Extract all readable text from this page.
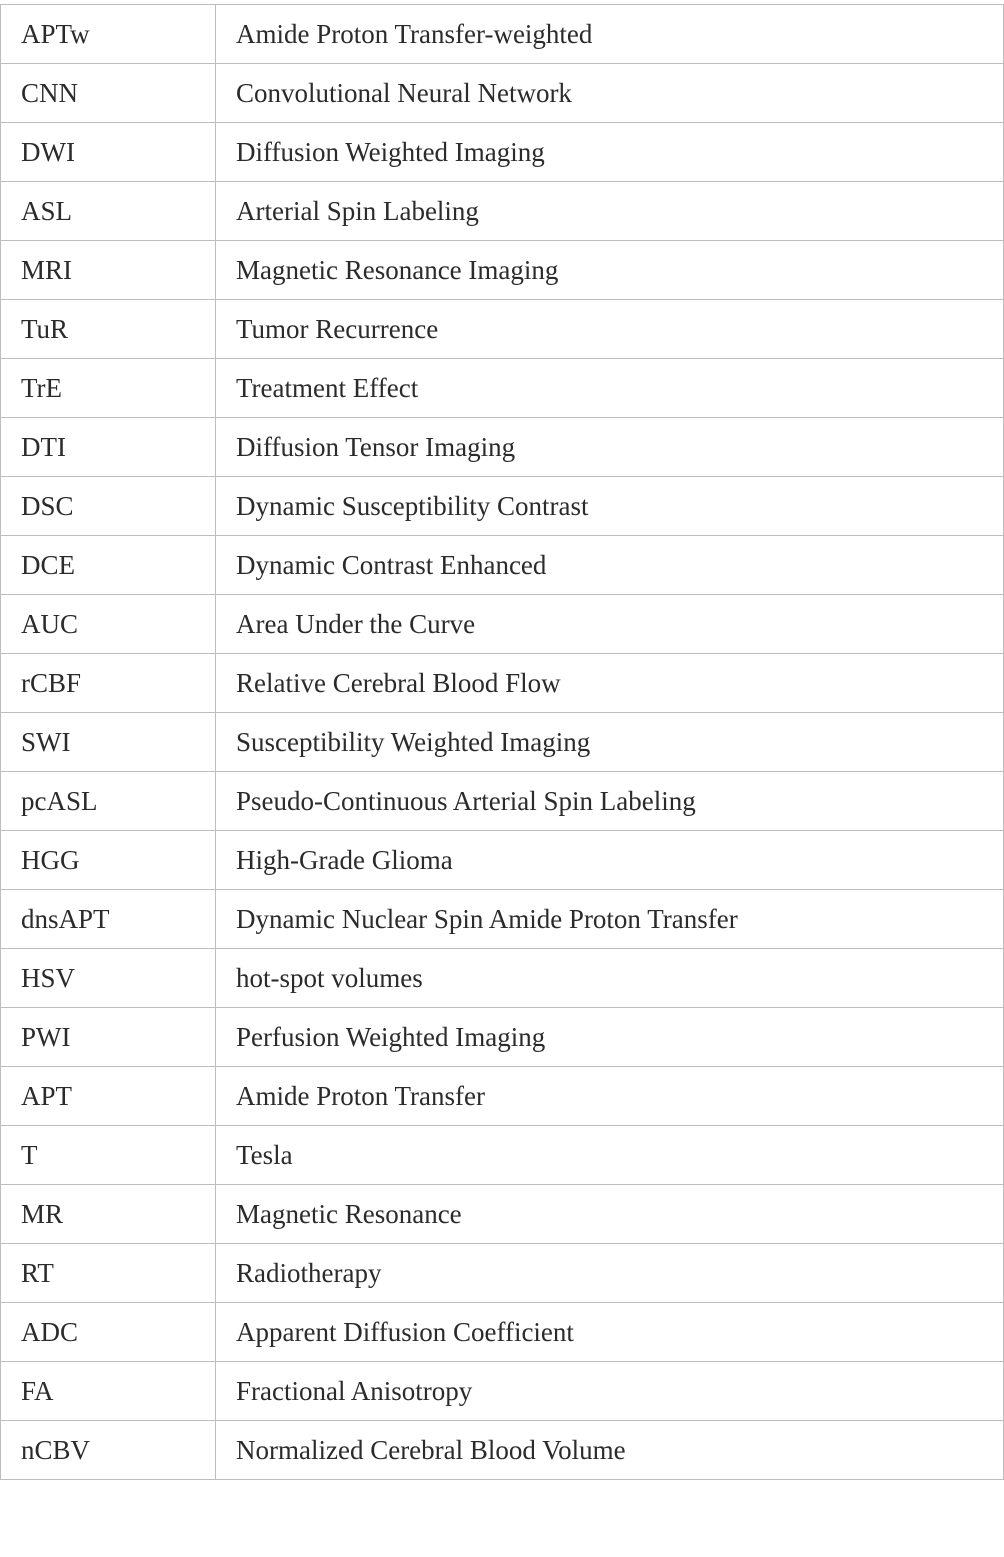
APTw	Amide Proton Transfer-weighted
CNN	Convolutional Neural Network
DWI	Diffusion Weighted Imaging
ASL	Arterial Spin Labeling
MRI	Magnetic Resonance Imaging
TuR	Tumor Recurrence
TrE	Treatment Effect
DTI	Diffusion Tensor Imaging
DSC	Dynamic Susceptibility Contrast
DCE	Dynamic Contrast Enhanced
AUC	Area Under the Curve
rCBF	Relative Cerebral Blood Flow
SWI	Susceptibility Weighted Imaging
pcASL	Pseudo-Continuous Arterial Spin Labeling
HGG	High-Grade Glioma
dnsAPT	Dynamic Nuclear Spin Amide Proton Transfer
HSV	hot-spot volumes
PWI	Perfusion Weighted Imaging
APT	Amide Proton Transfer
T	Tesla
MR	Magnetic Resonance
RT	Radiotherapy
ADC	Apparent Diffusion Coefficient
FA	Fractional Anisotropy
nCBV	Normalized Cerebral Blood Volume
